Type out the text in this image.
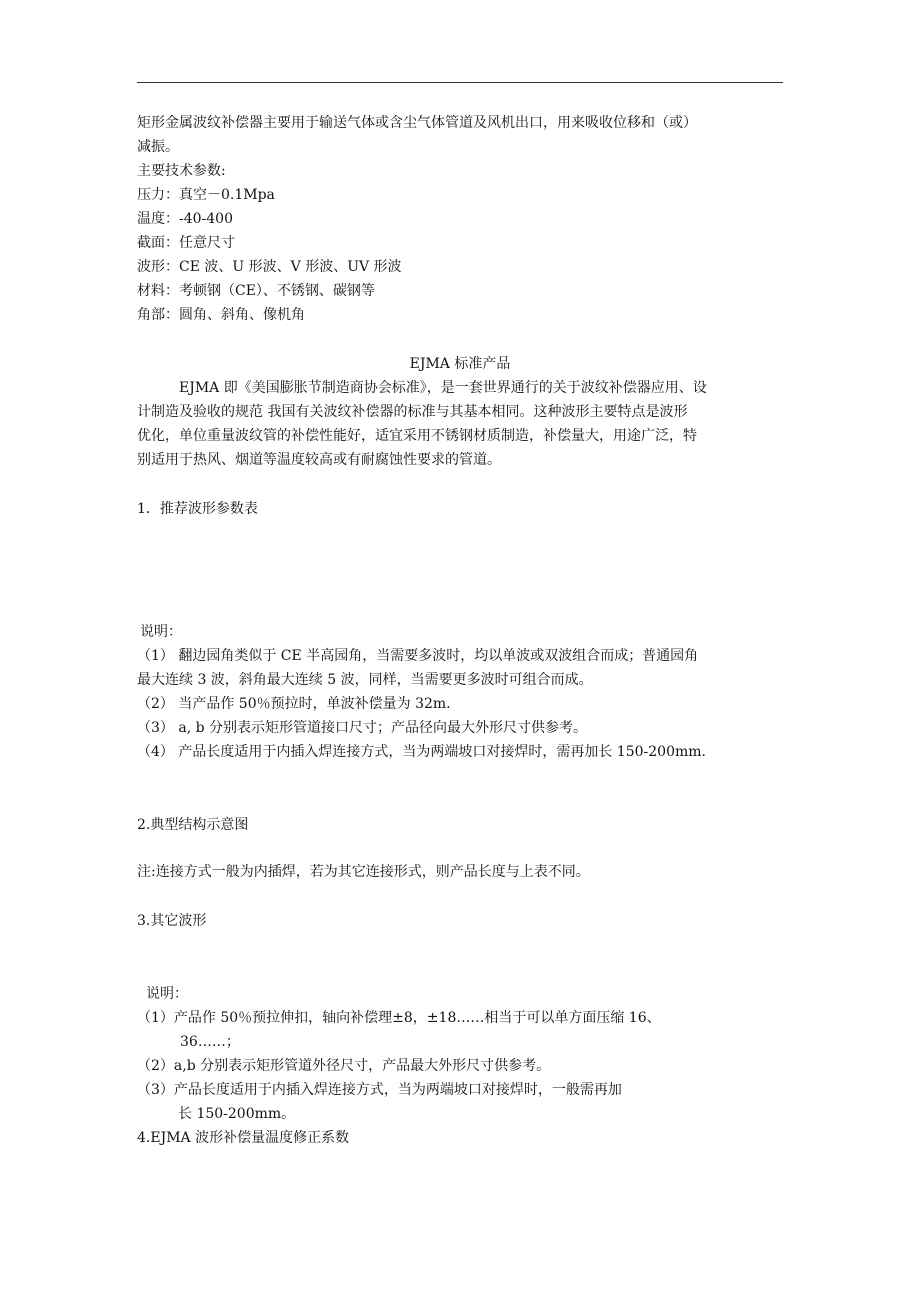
矩形金属波纹补偿器主要用于输送气体或含尘气体管道及风机出口，用来吸收位移和（或）
减振。
主要技术参数:
压力：真空－0.1Mpa
温度：-40-400
截面：任意尺寸
波形：CE 波、U 形波、V 形波、UV 形波
材料：考顿钢（CE）、不锈钢、碳钢等
角部：圆角、斜角、像机角
EJMA 标准产品
EJMA 即《美国膨胀节制造商协会标准》，是一套世界通行的关于波纹补偿器应用、设
计制造及验收的规范 我国有关波纹补偿器的标准与其基本相同。这种波形主要特点是波形
优化，单位重量波纹管的补偿性能好，适宜采用不锈钢材质制造，补偿量大，用途广泛，特
别适用于热风、烟道等温度较高或有耐腐蚀性要求的管道。
1．推荐波形参数表
说明：
（1） 翻边园角类似于 CE 半高园角，当需要多波时，均以单波或双波组合而成；普通园角
最大连续 3 波，斜角最大连续 5 波，同样，当需要更多波时可组合而成。
（2） 当产品作 50％预拉时，单波补偿量为 32m.
（3） a, b 分别表示矩形管道接口尺寸；产品径向最大外形尺寸供参考。
（4） 产品长度适用于内插入焊连接方式，当为两端坡口对接焊时，需再加长 150-200mm.
2.典型结构示意图
注:连接方式一般为内插焊，若为其它连接形式，则产品长度与上表不同。
3.其它波形
说明：
（1）产品作 50％预拉伸扣，轴向补偿理±8，±18……相当于可以单方面压缩 16、
36……；
（2）a,b 分别表示矩形管道外径尺寸，产品最大外形尺寸供参考。
（3）产品长度适用于内插入焊连接方式，当为两端坡口对接焊时，一般需再加
长 150-200mm。
4.EJMA 波形补偿量温度修正系数
